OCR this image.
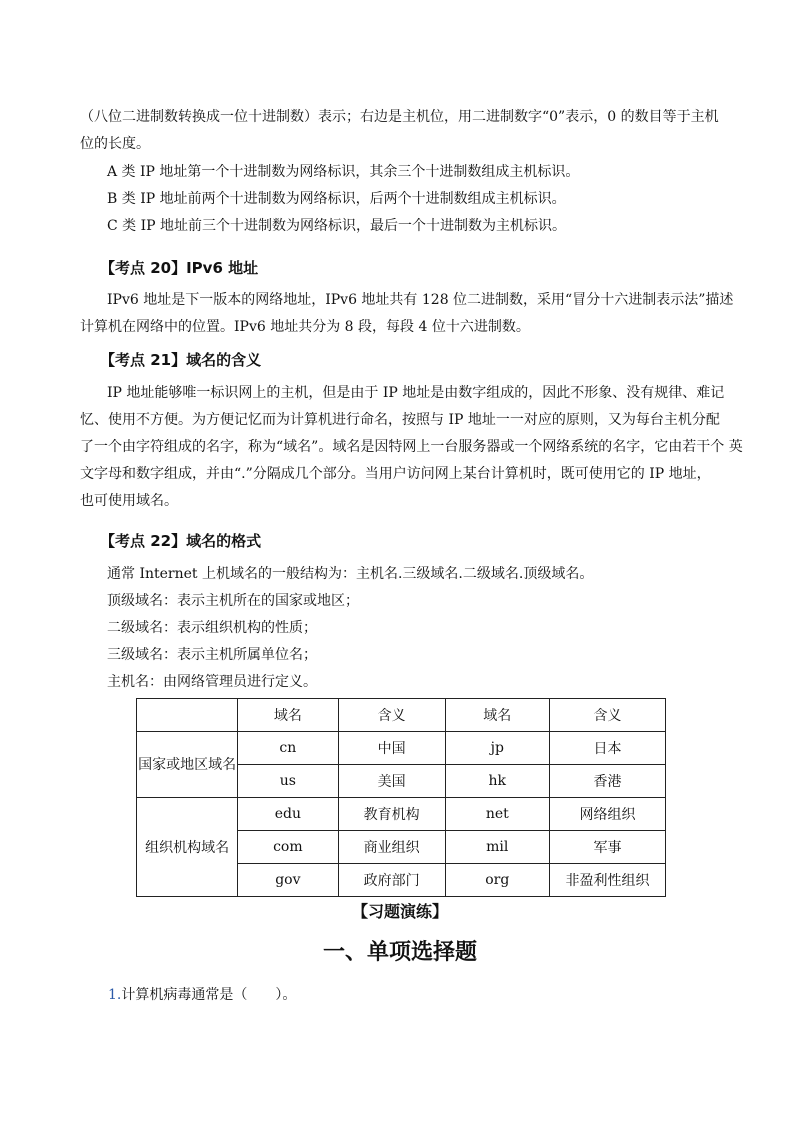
（八位二进制数转换成一位十进制数）表示；右边是主机位，用二进制数字“0”表示，0 的数目等于主机
位的长度。
A 类 IP 地址第一个十进制数为网络标识，其余三个十进制数组成主机标识。
B 类 IP 地址前两个十进制数为网络标识，后两个十进制数组成主机标识。
C 类 IP 地址前三个十进制数为网络标识，最后一个十进制数为主机标识。
【考点 20】IPv6 地址
IPv6 地址是下一版本的网络地址，IPv6 地址共有 128 位二进制数，采用“冒分十六进制表示法”描述
计算机在网络中的位置。IPv6 地址共分为 8 段，每段 4 位十六进制数。
【考点 21】域名的含义
IP 地址能够唯一标识网上的主机，但是由于 IP 地址是由数字组成的，因此不形象、没有规律、难记
忆、使用不方便。为方便记忆而为计算机进行命名，按照与 IP 地址一一对应的原则，又为每台主机分配
了一个由字符组成的名字，称为“域名”。域名是因特网上一台服务器或一个网络系统的名字，它由若干个 英
文字母和数字组成，并由“.”分隔成几个部分。当用户访问网上某台计算机时，既可使用它的 IP 地址，
也可使用域名。
【考点 22】域名的格式
通常 Internet 上机域名的一般结构为：主机名.三级域名.二级域名.顶级域名。
顶级域名：表示主机所在的国家或地区；
二级域名：表示组织机构的性质；
三级域名：表示主机所属单位名；
主机名：由网络管理员进行定义。
	域名	含义	域名	含义
国家或地区域名	cn	中国	jp	日本
	us	美国	hk	香港
组织机构域名	edu	教育机构	net	网络组织
	com	商业组织	mil	军事
	gov	政府部门	org	非盈利性组织
【习题演练】
一、单项选择题
1.计算机病毒通常是（　　）。
